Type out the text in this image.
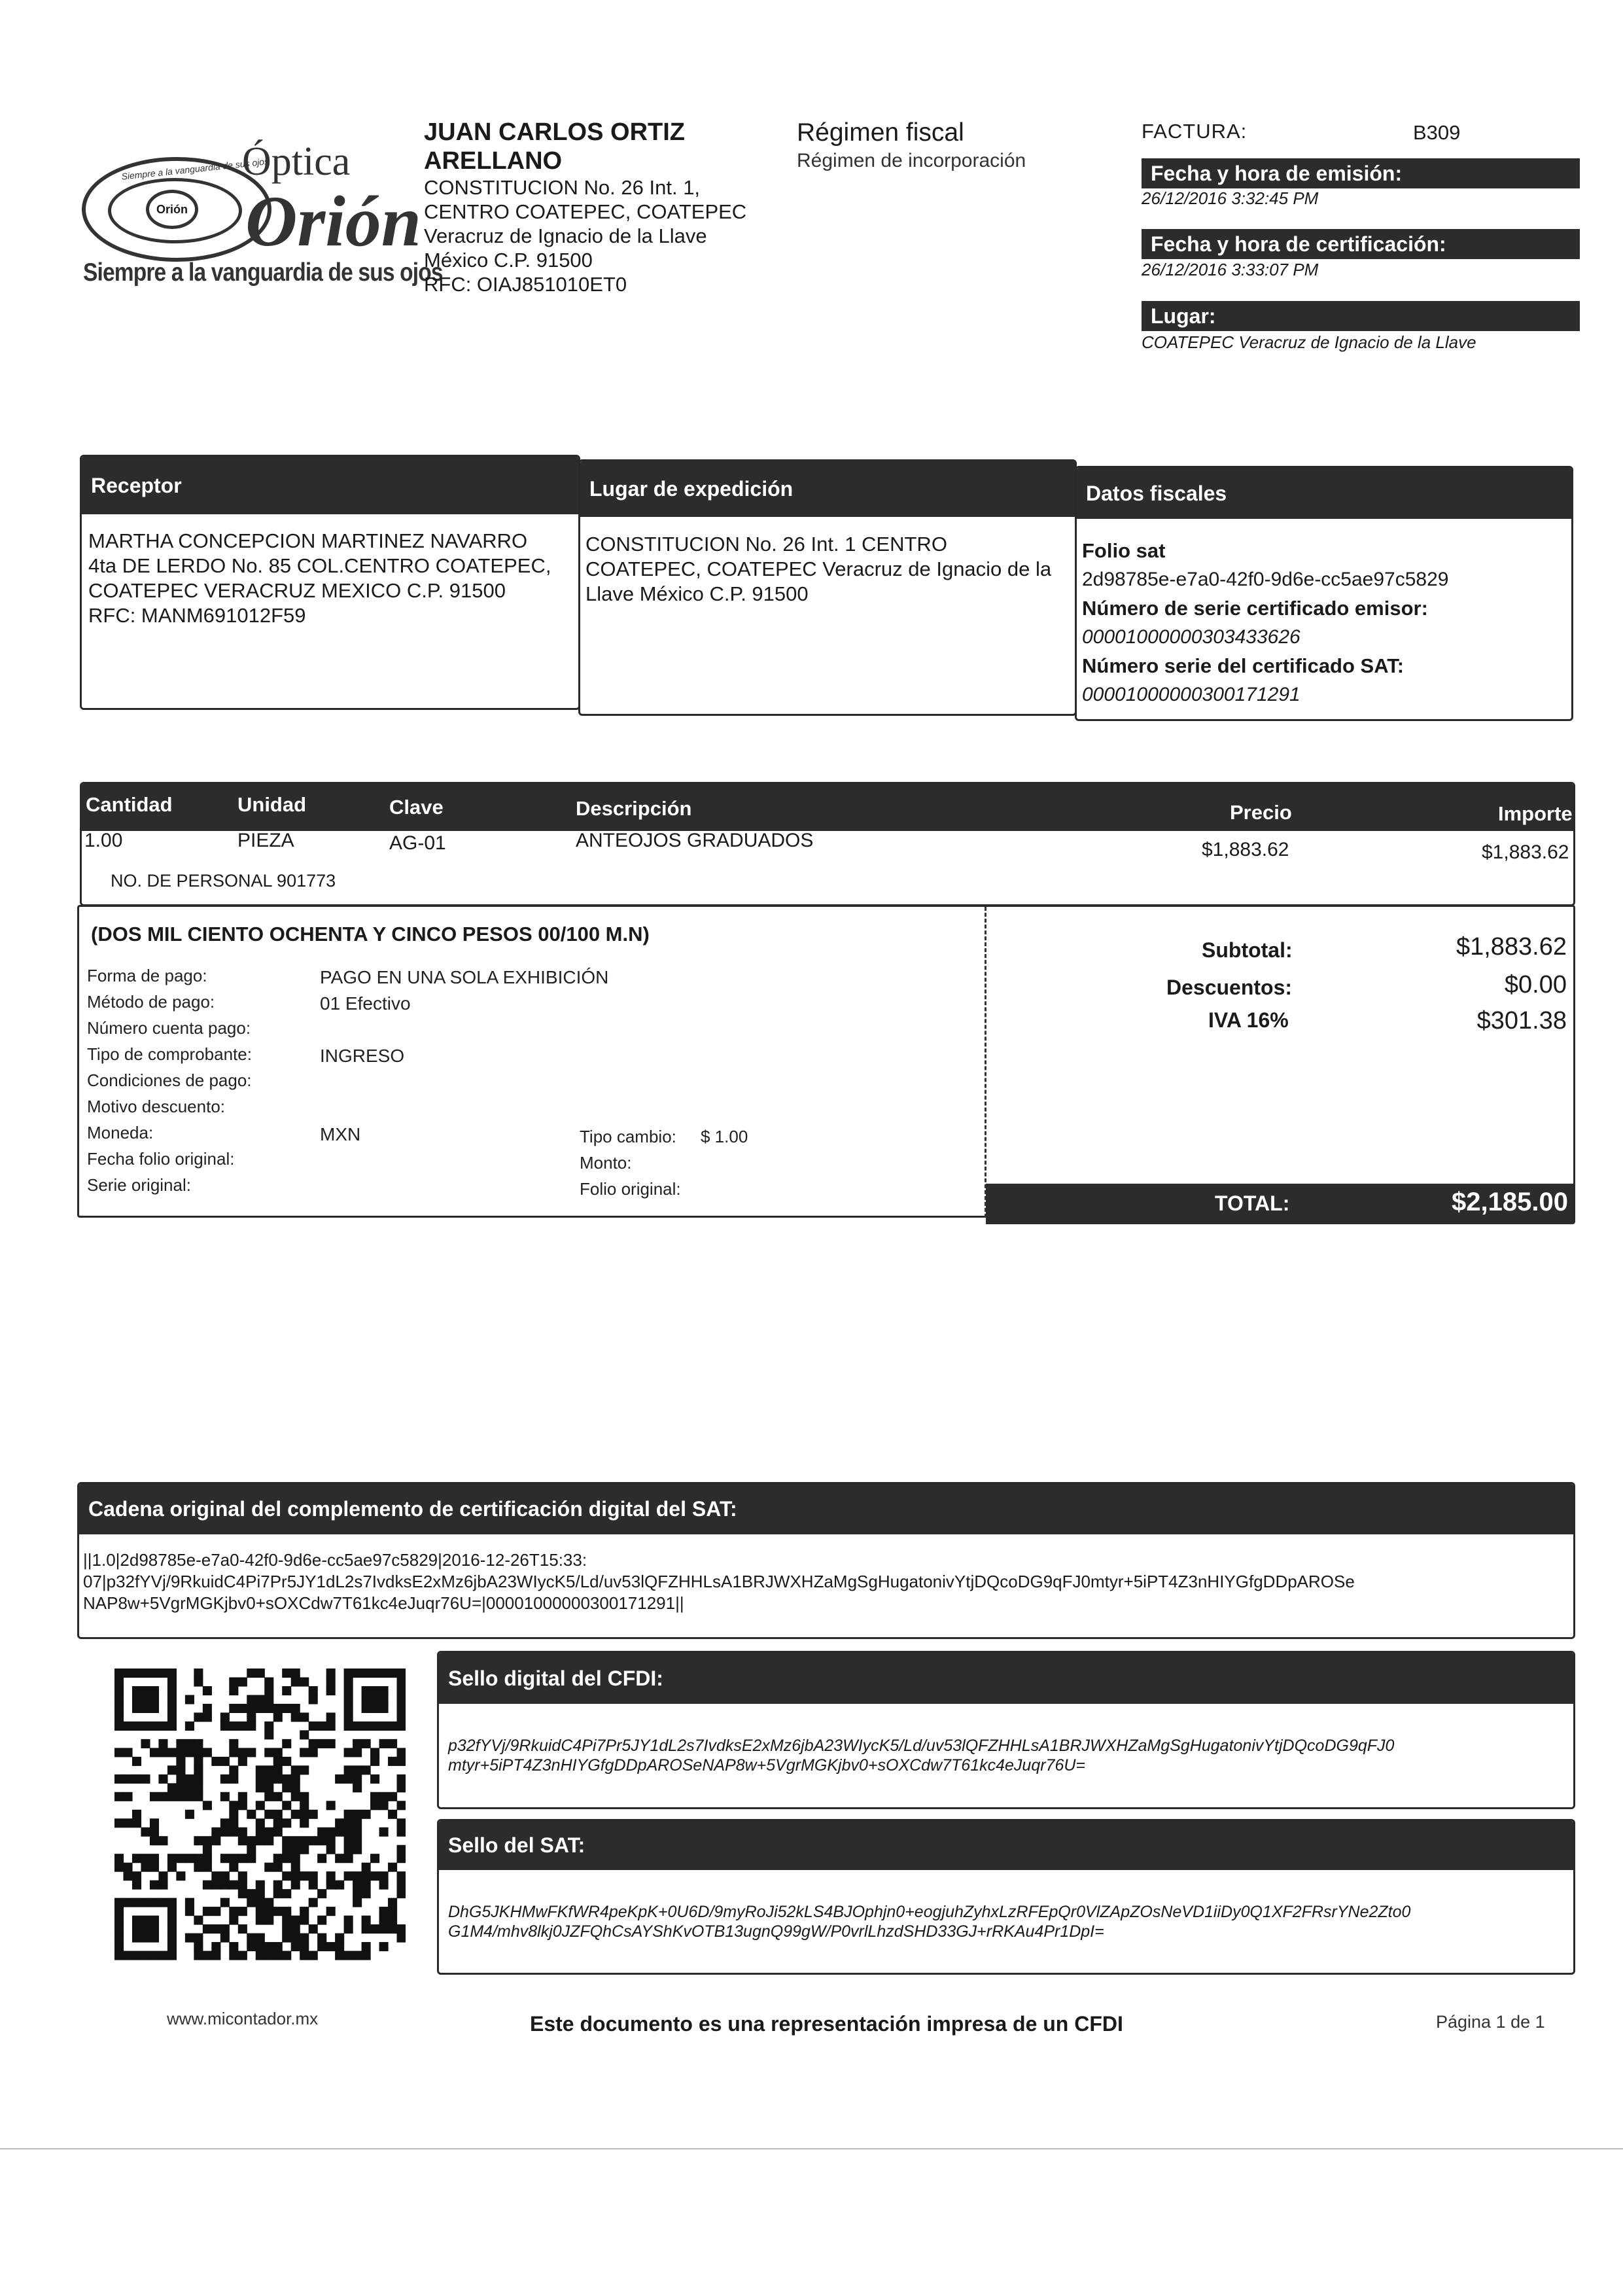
Orión
Siempre a la vanguardia de sus ojos
Óptica
Orión
Siempre a la vanguardia de sus ojos
JUAN CARLOS ORTIZ
ARELLANO
CONSTITUCION No. 26 Int. 1,
CENTRO COATEPEC, COATEPEC
Veracruz de Ignacio de la Llave
México C.P. 91500
RFC: OIAJ851010ET0
Régimen fiscal
Régimen de incorporación
FACTURA:	B309
Fecha y hora de emisión:
26/12/2016 3:32:45 PM
Fecha y hora de certificación:
26/12/2016 3:33:07 PM
Lugar:
COATEPEC Veracruz de Ignacio de la Llave
Receptor
MARTHA CONCEPCION MARTINEZ NAVARRO
4ta DE LERDO No. 85 COL.CENTRO COATEPEC,
COATEPEC VERACRUZ MEXICO C.P. 91500
RFC: MANM691012F59
Lugar de expedición
CONSTITUCION No. 26 Int. 1 CENTRO
COATEPEC, COATEPEC Veracruz de Ignacio de la
Llave México C.P. 91500
Datos fiscales
Folio sat
2d98785e-e7a0-42f0-9d6e-cc5ae97c5829
Número de serie certificado emisor:
00001000000303433626
Número serie del certificado SAT:
00001000000300171291
Cantidad	Unidad	Clave	Descripción	Precio	Importe
1.00	PIEZA	AG-01	ANTEOJOS GRADUADOS	$1,883.62	$1,883.62
NO. DE PERSONAL 901773
(DOS MIL CIENTO OCHENTA Y CINCO PESOS 00/100 M.N)
Forma de pago:	PAGO EN UNA SOLA EXHIBICIÓN
Método de pago:	01 Efectivo
Número cuenta pago:
Tipo de comprobante:	INGRESO
Condiciones de pago:
Motivo descuento:
Moneda:	MXN	Tipo cambio: $ 1.00
Fecha folio original:	Monto:
Serie original:	Folio original:
Subtotal:	$1,883.62
Descuentos:	$0.00
IVA 16%	$301.38
TOTAL:	$2,185.00
Cadena original del complemento de certificación digital del SAT:
||1.0|2d98785e-e7a0-42f0-9d6e-cc5ae97c5829|2016-12-26T15:33:
07|p32fYVj/9RkuidC4Pi7Pr5JY1dL2s7IvdksE2xMz6jbA23WIycK5/Ld/uv53lQFZHHLsA1BRJWXHZaMgSgHugatonivYtjDQcoDG9qFJ0mtyr+5iPT4Z3nHIYGfgDDpAROSe
NAP8w+5VgrMGKjbv0+sOXCdw7T61kc4eJuqr76U=|00001000000300171291||
Sello digital del CFDI:
p32fYVj/9RkuidC4Pi7Pr5JY1dL2s7IvdksE2xMz6jbA23WIycK5/Ld/uv53lQFZHHLsA1BRJWXHZaMgSgHugatonivYtjDQcoDG9qFJ0
mtyr+5iPT4Z3nHIYGfgDDpAROSeNAP8w+5VgrMGKjbv0+sOXCdw7T61kc4eJuqr76U=
Sello del SAT:
DhG5JKHMwFKfWR4peKpK+0U6D/9myRoJi52kLS4BJOphjn0+eogjuhZyhxLzRFEpQr0VlZApZOsNeVD1iiDy0Q1XF2FRsrYNe2Zto0
G1M4/mhv8lkj0JZFQhCsAYShKvOTB13ugnQ99gW/P0vrlLhzdSHD33GJ+rRKAu4Pr1DpI=
www.micontador.mx	Este documento es una representación impresa de un CFDI	Página 1 de 1
